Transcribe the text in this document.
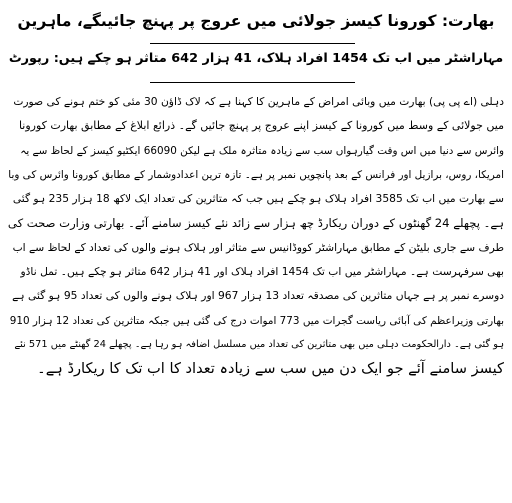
بھارت: کورونا کیسز جولائی میں عروج پر پہنچ جائیںگے، ماہرین
مہاراشٹر میں اب تک 1454 افراد ہلاک، 41 ہزار 642 متاثر ہو چکے ہیں: رپورٹ
دہلی (اے پی پی) بھارت میں وبائی امراض کے ماہرین کا کہنا ہے کہ لاک ڈاؤن 30 مئی کو ختم ہونے کی صورت
میں جولائی کے وسط میں کورونا کے کیسز اپنے عروج پر پہنچ جائیں گے۔ ذرائع ابلاغ کے مطابق بھارت کورونا
وائرس سے دنیا میں اس وقت گیارہواں سب سے زیادہ متاثرہ ملک ہے لیکن 66090 ایکٹیو کیسز کے لحاظ سے یہ
امریکا، روس، برازیل اور فرانس کے بعد پانچویں نمبر پر ہے۔ تازہ ترین اعدادوشمار کے مطابق کورونا وائرس کی وبا
سے بھارت میں اب تک 3585 افراد ہلاک ہو چکے ہیں جب کہ متاثرین کی تعداد ایک لاکھ 18 ہزار 235 ہو گئی
ہے۔ پچھلے 24 گھنٹوں کے دوران ریکارڈ چھ ہزار سے زائد نئے کیسز سامنے آئے۔ بھارتی وزارت صحت کی
طرف سے جاری بلیٹن کے مطابق مہاراشٹر کووڈانیس سے متاثر اور ہلاک ہونے والوں کی تعداد کے لحاظ سے اب
بھی سرفہرست ہے۔ مہاراشٹر میں اب تک 1454 افراد ہلاک اور 41 ہزار 642 متاثر ہو چکے ہیں۔ تمل ناڈو
دوسرے نمبر پر ہے جہاں متاثرین کی مصدقہ تعداد 13 ہزار 967 اور ہلاک ہونے والوں کی تعداد 95 ہو گئی ہے
بھارتی وزیراعظم کی آبائی ریاست گجرات میں 773 اموات درج کی گئی ہیں جبکہ متاثرین کی تعداد 12 ہزار 910
ہو گئی ہے۔ دارالحکومت دہلی میں بھی متاثرین کی تعداد میں مسلسل اضافہ ہو رہا ہے۔ پچھلے 24 گھنٹے میں 571 نئے
کیسز سامنے آئے جو ایک دن میں سب سے زیادہ تعداد کا اب تک کا ریکارڈ ہے۔
